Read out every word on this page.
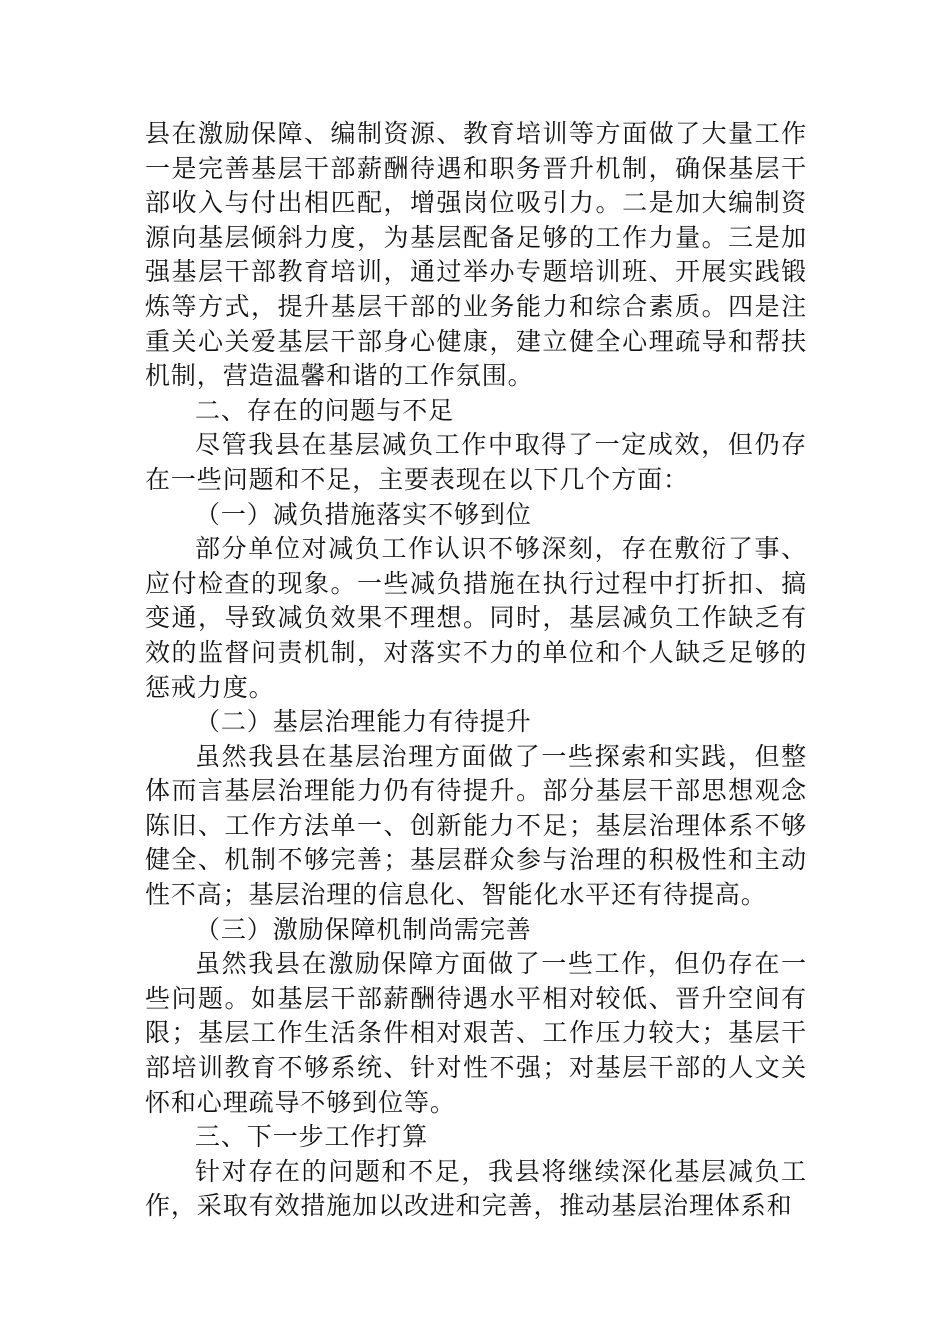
县在激励保障、编制资源、教育培训等方面做了大量工作一是完善基层干部薪酬待遇和职务晋升机制，确保基层干部收入与付出相匹配，增强岗位吸引力。二是加大编制资源向基层倾斜力度，为基层配备足够的工作力量。三是加强基层干部教育培训，通过举办专题培训班、开展实践锻炼等方式，提升基层干部的业务能力和综合素质。四是注重关心关爱基层干部身心健康，建立健全心理疏导和帮扶机制，营造温馨和谐的工作氛围。

二、存在的问题与不足

尽管我县在基层减负工作中取得了一定成效，但仍存在一些问题和不足，主要表现在以下几个方面：

（一）减负措施落实不够到位

部分单位对减负工作认识不够深刻，存在敷衍了事、应付检查的现象。一些减负措施在执行过程中打折扣、搞变通，导致减负效果不理想。同时，基层减负工作缺乏有效的监督问责机制，对落实不力的单位和个人缺乏足够的惩戒力度。

（二）基层治理能力有待提升

虽然我县在基层治理方面做了一些探索和实践，但整体而言基层治理能力仍有待提升。部分基层干部思想观念陈旧、工作方法单一、创新能力不足；基层治理体系不够健全、机制不够完善；基层群众参与治理的积极性和主动性不高；基层治理的信息化、智能化水平还有待提高。

（三）激励保障机制尚需完善

虽然我县在激励保障方面做了一些工作，但仍存在一些问题。如基层干部薪酬待遇水平相对较低、晋升空间有限；基层工作生活条件相对艰苦、工作压力较大；基层干部培训教育不够系统、针对性不强；对基层干部的人文关怀和心理疏导不够到位等。

三、下一步工作打算

针对存在的问题和不足，我县将继续深化基层减负工作，采取有效措施加以改进和完善，推动基层治理体系和
